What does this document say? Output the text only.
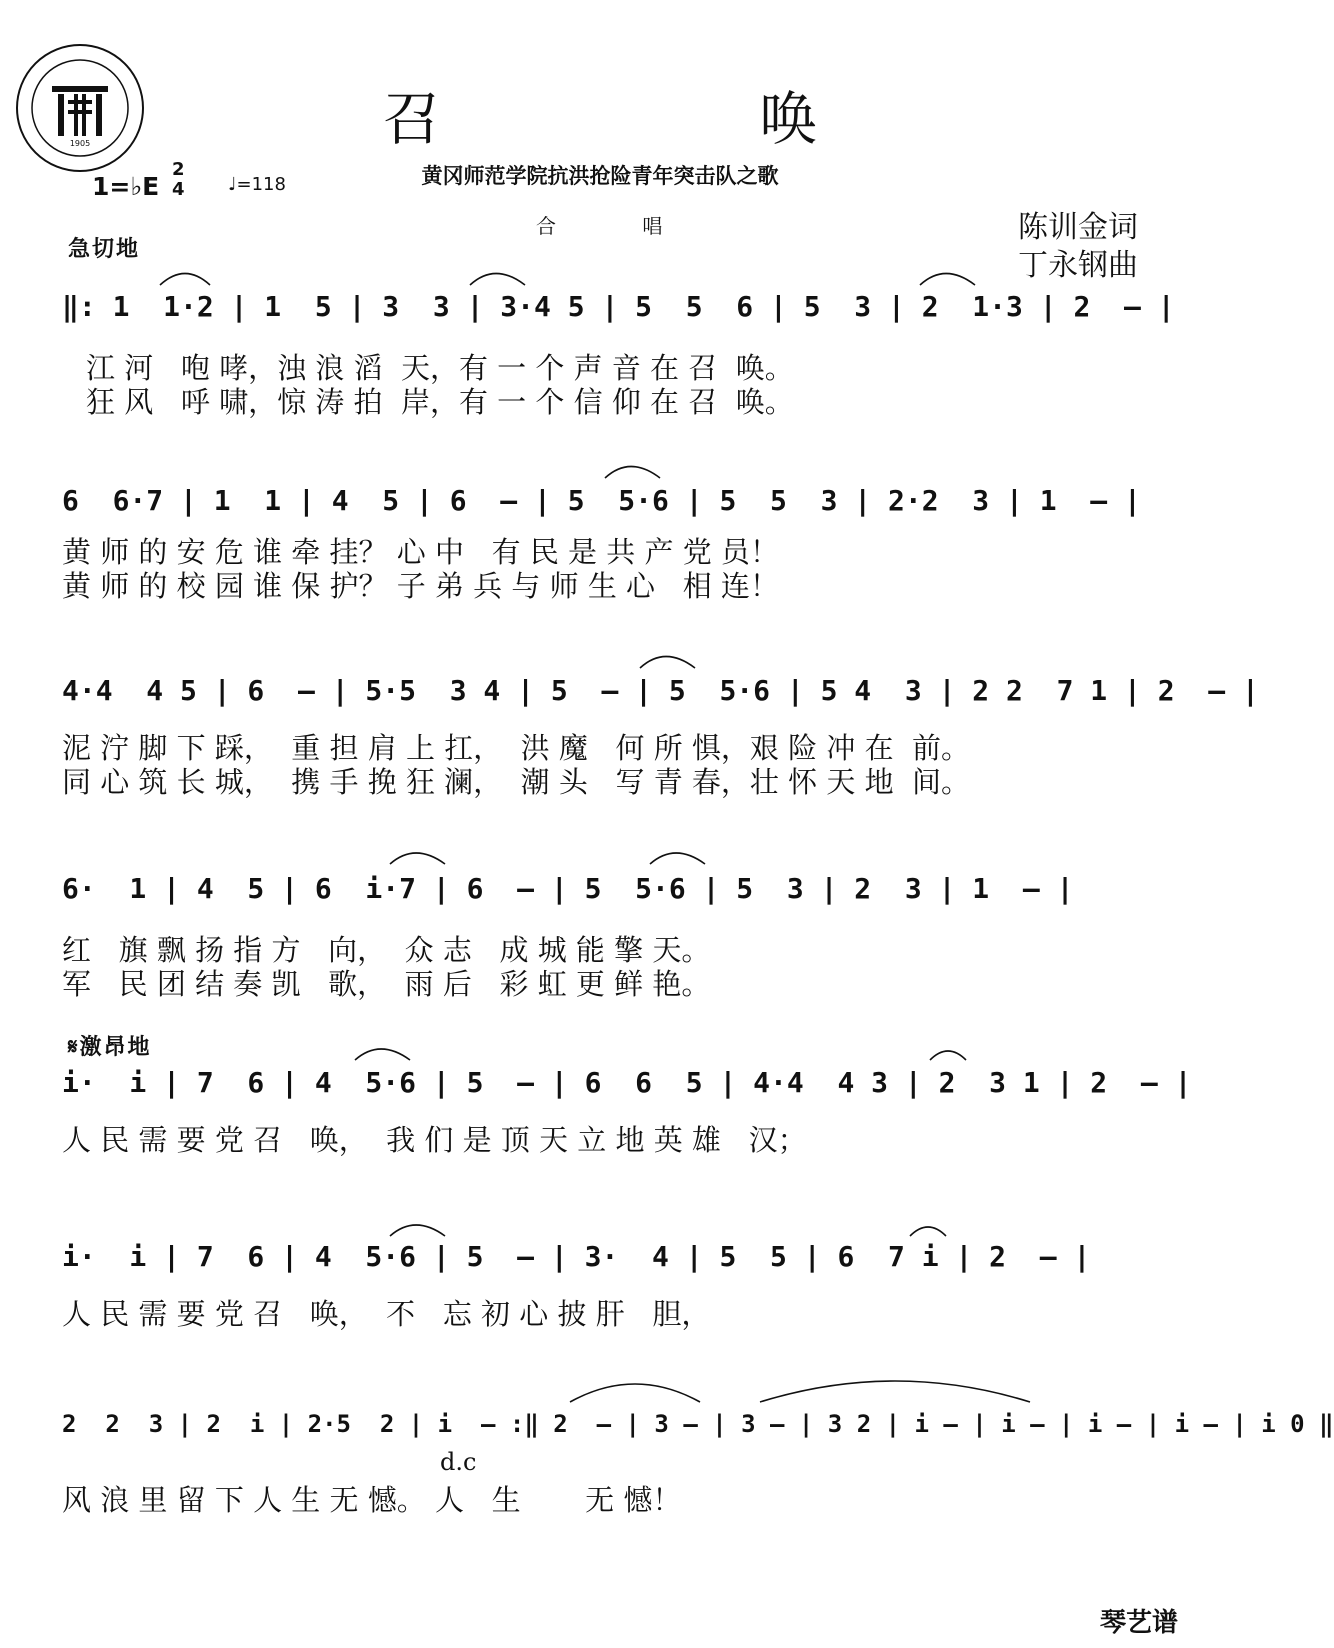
1905	召 唤
黄冈师范学院抗洪抢险青年突击队之歌
1=♭E
2
4 ♩=118
合 唱	陈训金词
丁永钢曲
急切地
𝄋激昂地
‖: 1  1·2 | 1  5 | 3  3 | 3·4 5 | 5  5  6 | 5  3 | 2  1·3 | 2  – |
江 河   咆 哮，浊 浪 滔  天，有 一 个 声 音 在 召  唤。
狂 风   呼 啸，惊 涛 拍  岸，有 一 个 信 仰 在 召  唤。
6  6·7 | 1  1 | 4  5 | 6  – | 5  5·6 | 5  5  3 | 2·2  3 | 1  – |
黄 师 的 安 危 谁 牵 挂？ 心 中   有 民 是 共 产 党 员！
黄 师 的 校 园 谁 保 护？ 子 弟 兵 与 师 生 心   相 连！
4·4  4 5 | 6  – | 5·5  3 4 | 5  – | 5  5·6 | 5 4  3 | 2 2  7 1 | 2  – |
泥 泞 脚 下 踩，  重 担 肩 上 扛，  洪 魔   何 所 惧，艰 险 冲 在  前。
同 心 筑 长 城，  携 手 挽 狂 澜，  潮 头   写 青 春，壮 怀 天 地  间。
6·  1 | 4  5 | 6  i·7 | 6  – | 5  5·6 | 5  3 | 2  3 | 1  – |
红   旗 飘 扬 指 方   向，  众 志   成 城 能 擎 天。
军   民 团 结 奏 凯   歌，  雨 后   彩 虹 更 鲜 艳。
i·  i | 7  6 | 4  5·6 | 5  – | 6  6  5 | 4·4  4 3 | 2  3 1 | 2  – |
人 民 需 要 党 召   唤，  我 们 是 顶 天 立 地 英 雄   汉；
i·  i | 7  6 | 4  5·6 | 5  – | 3·  4 | 5  5 | 6  7 i | 2  – |
人 民 需 要 党 召   唤，  不   忘 初 心 披 肝   胆，
2  2  3 | 2  i | 2·5  2 | i  – :‖ 2  – | 3 – | 3 – | 3 2 | i – | i – | i – | i – | i 0 ‖
d.c
风 浪 里 留 下 人 生 无 憾。 人   生       无 憾！
琴艺谱
